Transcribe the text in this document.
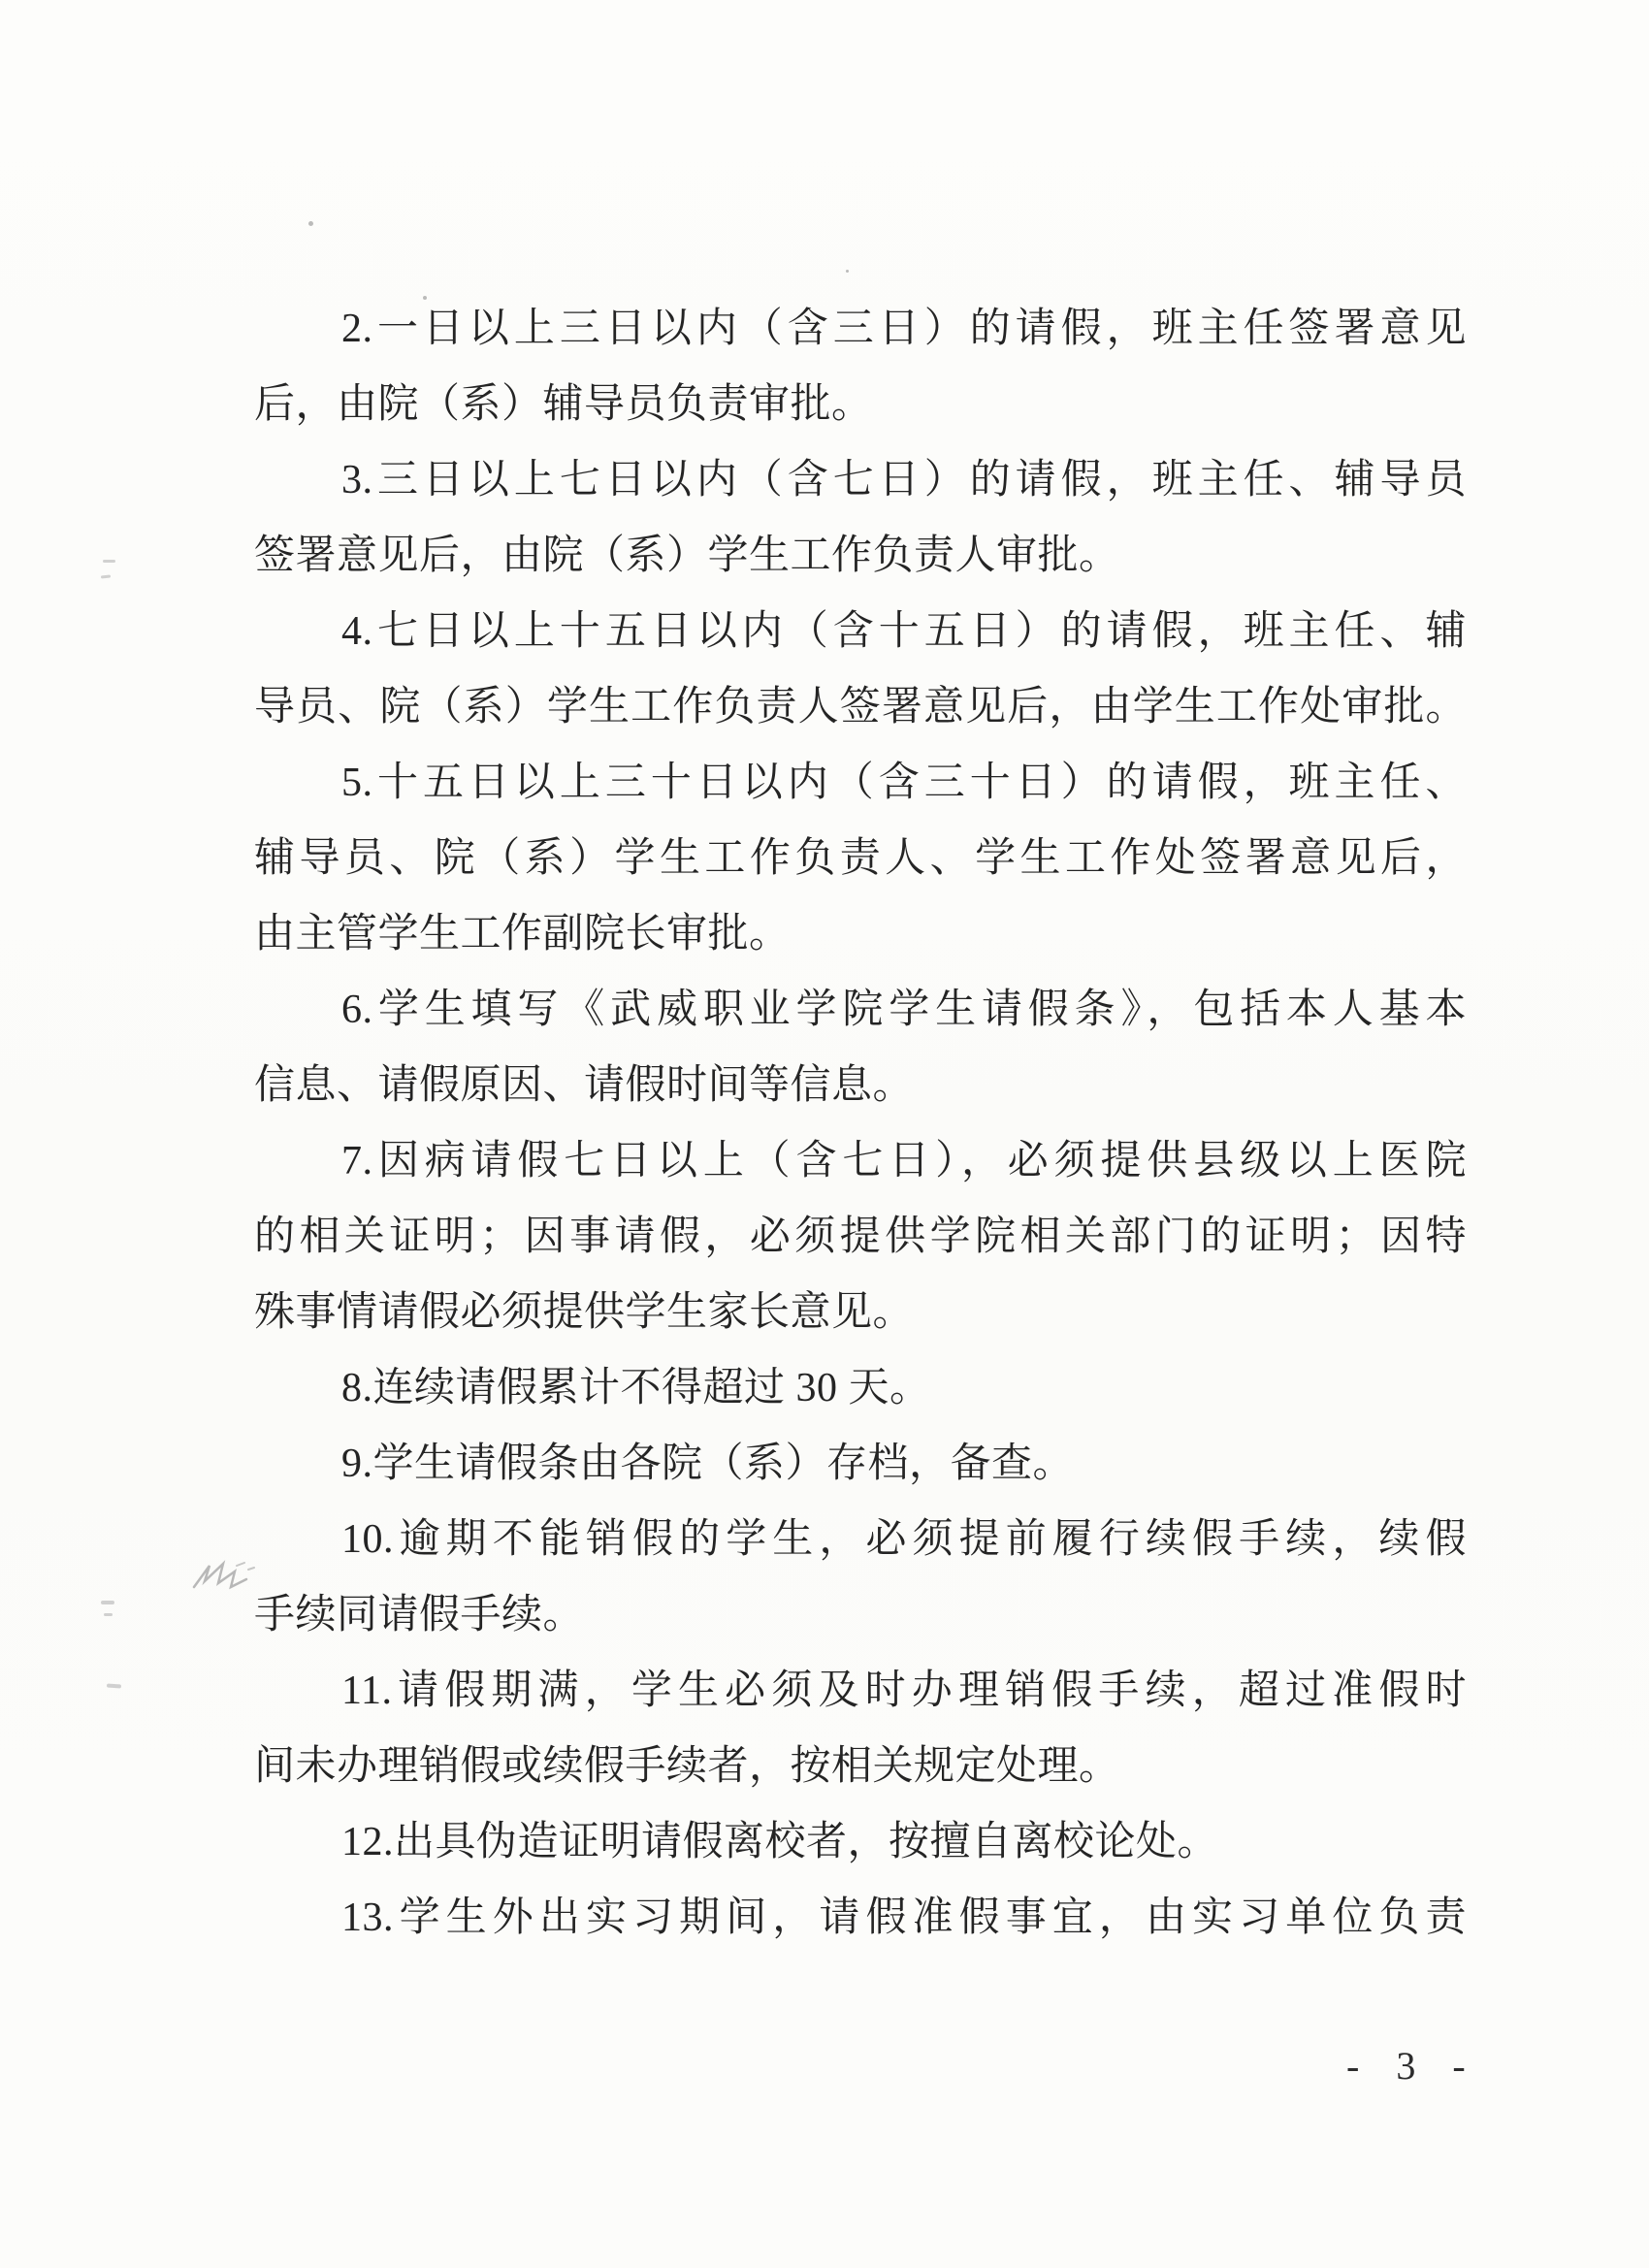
2.一日以上三日以内（含三日）的请假，班主任签署意见
后，由院（系）辅导员负责审批。
3.三日以上七日以内（含七日）的请假，班主任、辅导员
签署意见后，由院（系）学生工作负责人审批。
4.七日以上十五日以内（含十五日）的请假，班主任、辅
导员、院（系）学生工作负责人签署意见后，由学生工作处审批。
5.十五日以上三十日以内（含三十日）的请假，班主任、
辅导员、院（系）学生工作负责人、学生工作处签署意见后，
由主管学生工作副院长审批。
6.学生填写《武威职业学院学生请假条》，包括本人基本
信息、请假原因、请假时间等信息。
7.因病请假七日以上（含七日），必须提供县级以上医院
的相关证明；因事请假，必须提供学院相关部门的证明；因特
殊事情请假必须提供学生家长意见。
8.连续请假累计不得超过 30 天。
9.学生请假条由各院（系）存档，备查。
10.逾期不能销假的学生，必须提前履行续假手续，续假
手续同请假手续。
11.请假期满，学生必须及时办理销假手续，超过准假时
间未办理销假或续假手续者，按相关规定处理。
12.出具伪造证明请假离校者，按擅自离校论处。
13.学生外出实习期间，请假准假事宜，由实习单位负责
- 3 -
